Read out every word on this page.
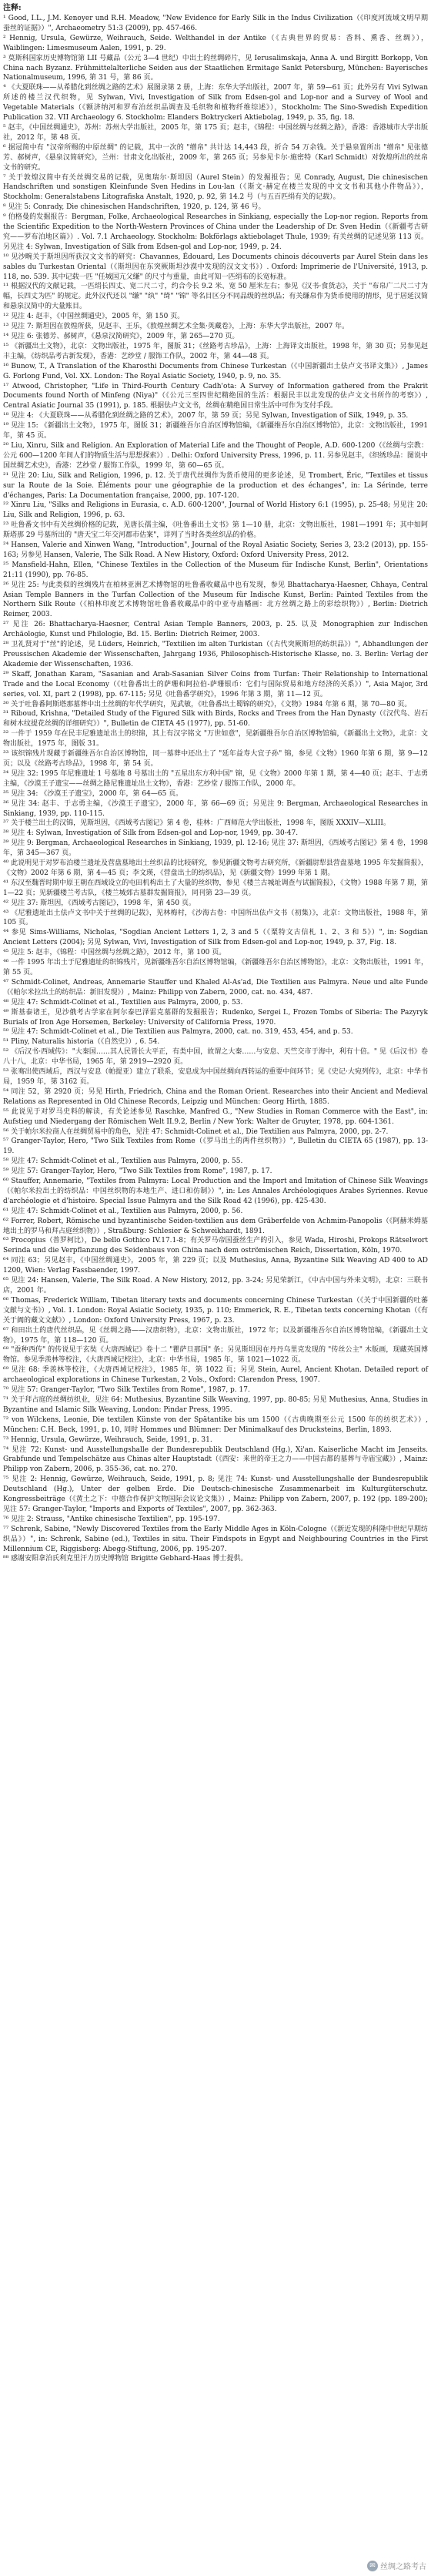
注释:
¹ Good, I.L., J.M. Kenoyer und R.H. Meadow, "New Evidence for Early Silk in the Indus Civilization（《印度河流域文明早期蚕丝的证据》）", Archaeometry 51:3 (2009), pp. 457-466.
² Hennig, Ursula, Gewürze, Weihrauch, Seide. Welthandel in der Antike（《古典世界的贸易：香料、熏香、丝绸》），Waiblingen: Limesmuseum Aalen, 1991, p. 29.
³ 莫斯科国家历史博物馆第 LII 号藏品（公元 3—4 世纪）中出土的丝绸碎片，见 Ierusalimskaja, Anna A. und Birgitt Borkopp, Von China nach Byzanz. Frühmittelalterliche Seiden aus der Staatlichen Ermitage Sankt Petersburg, München: Bayerisches Nationalmuseum, 1996, 第 31 号，第 86 页。
⁴ 《大夏联珠——从希腊化到丝绸之路的艺术》展图录第 2 册，上海：东华大学出版社，2007 年，第 59—61 页；此外另有 Vivi Sylwan 所述的楼兰汉代织物，见 Sylwan, Vivi, Investigation of Silk from Edsen-gol and Lop-nor and a Survey of Wool and Vegetable Materials（《额济纳河和罗布泊丝织品调查及毛织物和植物纤维综述》），Stockholm: The Sino-Swedish Expedition Publication 32. VII Archaeology 6. Stockholm: Elanders Boktryckeri Aktiebolag, 1949, p. 35, fig. 18.
⁵ 赵丰，《中国丝绸通史》，苏州：苏州大学出版社，2005 年，第 175 页；赵丰，《锦程：中国丝绸与丝绸之路》，香港：香港城市大学出版社，2012 年，第 48 页。
⁶ 据冠简中有 "汉帝所赐的中原丝绸" 的记载，其中一次的 "缯帛" 共计达 14,443 段，折合 54 万余钱。关于悬泉置所出 "缯帛" 见张德芳、郝树声，《悬泉汉简研究》，兰州：甘肃文化出版社，2009 年，第 265 页；另参见卡尔·施密特（Karl Schmidt）对敦煌所出的丝帛文书的研究。
⁷ 关于敦煌汉简中有关丝绸交易的记载，见奥瑞尔·斯坦因（Aurel Stein）的发掘报告；见 Conrady, August, Die chinesischen Handschriften und sonstigen Kleinfunde Sven Hedins in Lou-lan（《斯文·赫定在楼兰发现的中文文书和其他小件物品》），Stockholm: Generalstabens Litografiska Anstalt, 1920, p. 92, 第 14.2 号（与五百匹绢有关的记载）。
⁸ 见注 5: Conrady, Die chinesischen Handschriften, 1920, p. 124, 第 46 号。
⁹ 伯格曼的发掘报告：Bergman, Folke, Archaeological Researches in Sinkiang, especially the Lop-nor region. Reports from the Scientific Expedition to the North-Western Provinces of China under the Leadership of Dr. Sven Hedin（《新疆考古研究——罗布泊地区篇》）. Vol. 7.1 Archaeology. Stockholm: Bokförlags aktiebolaget Thule, 1939; 有关丝绸的记述见第 113 页。另见注 4: Sylwan, Investigation of Silk from Edsen-gol and Lop-nor, 1949, p. 24.
¹⁰ 见沙畹关于斯坦因所获汉文文书的研究：Chavannes, Édouard, Les Documents chinois découverts par Aurel Stein dans les sables du Turkestan Oriental（《斯坦因在东突厥斯坦沙漠中发现的汉文文书》）. Oxford: Imprimerie de l'Université, 1913, p. 118, no. 539. 其中记载一匹 "任城国亢父缣" 的尺寸与重量，由此可知一匹绢布的长宽标准。
¹¹ 根据汉代的文献记载，一匹绢长四丈、宽二尺二寸，约合今长 9.2 米、宽 50 厘米左右；参见《汉书·食货志》，关于 "布帛广二尺二寸为幅，长四丈为匹" 的规定。此外汉代还以 "缣" "纨" "绮" "锦" 等名目区分不同品级的丝织品；有关缣帛作为货币使用的情形，见于居延汉简和悬泉汉简中的大量账目。
¹² 见注 4: 赵丰，《中国丝绸通史》，2005 年，第 150 页。
¹³ 见注 7: 斯坦因在敦煌所获，见赵丰、王乐，《敦煌丝绸艺术全集·英藏卷》，上海：东华大学出版社，2007 年。
¹⁴ 见注 6: 张德芳、郝树声，《悬泉汉简研究》，2009 年，第 265—270 页。
¹⁵ 《新疆出土文物》，北京：文物出版社，1975 年，图版 31；《丝路考古珍品》，上海：上海译文出版社，1998 年，第 30 页；另参见赵丰主编，《纺织品考古新发现》，香港：艺纱堂 / 服饰工作队，2002 年，第 44—48 页。
¹⁶ Bunow, T., A Translation of the Kharosthi Documents from Chinese Turkestan（《中国新疆出土佉卢文书译文集》）, James G. Forlong Fund, Vol. XX. London: The Royal Asiatic Society, 1940, p. 9, no. 35.
¹⁷ Atwood, Christopher, "Life in Third-Fourth Century Cadh'ota: A Survey of Information gathered from the Prakrit Documents found North of Minfeng (Niya)"（《公元三至四世纪精绝国的生活：根据民丰以北发现的佉卢文文书所作的考察》）, Central Asiatic Journal 35 (1991), p. 185. 根据佉卢文文书，丝绸在精绝国日常生活中可作为支付手段。
¹⁸ 见注 4: 《大夏联珠——从希腊化到丝绸之路的艺术》，2007 年，第 59 页；另见 Sylwan, Investigation of Silk, 1949, p. 35.
¹⁹ 见注 15: 《新疆出土文物》，1975 年，图版 31；新疆维吾尔自治区博物馆编，《新疆维吾尔自治区博物馆》，北京：文物出版社，1991 年，第 45 页。
²⁰ Liu, Xinru, Silk and Religion. An Exploration of Material Life and the Thought of People, A.D. 600-1200（《丝绸与宗教：公元 600—1200 年间人们的物质生活与思想探索》）. Delhi: Oxford University Press, 1996, p. 11. 另参见赵丰，《织绣珍品：图说中国丝绸艺术史》，香港：艺纱堂 / 服饰工作队，1999 年，第 60—65 页。
²¹ 见注 20: Liu, Silk and Religion, 1996, p. 12. 关于唐代丝绸作为货币使用的更多论述，见 Trombert, Éric, "Textiles et tissus sur la Route de la Soie. Éléments pour une géographie de la production et des échanges", in: La Sérinde, terre d'échanges, Paris: La Documentation française, 2000, pp. 107-120.
²² Xinru Liu, "Silks and Religions in Eurasia, c. A.D. 600-1200", Journal of World History 6:1 (1995), p. 25-48; 另见注 20: Liu, Silk and Religion, 1996, p. 63.
²³ 吐鲁番文书中有关丝绸价格的记载，见唐长孺主编，《吐鲁番出土文书》第 1—10 册，北京：文物出版社，1981—1991 年；其中如阿斯塔那 29 号墓所出的 "唐天宝二年交河郡市估案"，详列了当时各类丝织品的价格。
²⁴ Hansen, Valerie and Xinwen Wang, "Introduction", Journal of the Royal Asiatic Society, Series 3, 23:2 (2013), pp. 155-163; 另参见 Hansen, Valerie, The Silk Road. A New History, Oxford: Oxford University Press, 2012.
²⁵ Mansfield-Hahn, Ellen, "Chinese Textiles in the Collection of the Museum für Indische Kunst, Berlin", Orientations 21:11 (1990), pp. 76-85.
²⁶ 见注 25: 与此类似的丝绸残片在柏林亚洲艺术博物馆的吐鲁番收藏品中也有发现，参见 Bhattacharya-Haesner, Chhaya, Central Asian Temple Banners in the Turfan Collection of the Museum für Indische Kunst, Berlin: Painted Textiles from the Northern Silk Route（《柏林印度艺术博物馆吐鲁番收藏品中的中亚寺庙幡画：北方丝绸之路上的彩绘织物》）, Berlin: Dietrich Reimer, 2003.
²⁷ 见注 26: Bhattacharya-Haesner, Central Asian Temple Banners, 2003, p. 25. 以及 Monographien zur Indischen Archäologie, Kunst und Philologie, Bd. 15. Berlin: Dietrich Reimer, 2003.
²⁸ 卫礼贤对于"丝"的论述，见 Lüders, Heinrich, "Textilien im alten Turkistan（《古代突厥斯坦的纺织品》）", Abhandlungen der Preussischen Akademie der Wissenschaften, Jahrgang 1936, Philosophisch-Historische Klasse, no. 3. Berlin: Verlag der Akademie der Wissenschaften, 1936.
²⁹ Skaff, Jonathan Karam, "Sasanian and Arab-Sasanian Silver Coins from Turfan: Their Relationship to International Trade and the Local Economy（《吐鲁番出土的萨珊和阿拉伯-萨珊银币：它们与国际贸易和地方经济的关系》）", Asia Major, 3rd series, vol. XI, part 2 (1998), pp. 67-115; 另见《吐鲁番学研究》，1996 年第 3 期，第 11—12 页。
³⁰ 关于吐鲁番阿斯塔那墓葬中出土丝绸的年代学研究，见武敏，《吐鲁番出土蜀锦的研究》，《文物》1984 年第 6 期，第 70—80 页。
³¹ Riboud, Krishna, "Detailed Study of the Figured Silk with Birds, Rocks and Trees from the Han Dynasty（《汉代鸟、岩石和树木纹提花丝绸的详细研究》）", Bulletin de CIETA 45 (1977), pp. 51-60.
³² 一件于 1959 年在民丰尼雅遗址出土的织锦，其上有汉字铭文 "万世如意"，见新疆维吾尔自治区博物馆编，《新疆出土文物》，北京：文物出版社，1975 年，图版 31。
³³ 该织锦残片现藏于新疆维吾尔自治区博物馆，同一墓葬中还出土了 "延年益寿大宜子孙" 锦，参见《文物》1960 年第 6 期，第 9—12 页；以及《丝路考古珍品》，1998 年，第 54 页。
³⁴ 见注 32: 1995 年尼雅遗址 1 号墓地 8 号墓出土的 "五星出东方利中国" 锦，见《文物》2000 年第 1 期，第 4—40 页；赵丰、于志勇主编，《沙漠王子遗宝——丝绸之路尼雅遗址出土文物》，香港：艺纱堂 / 服饰工作队，2000 年。
³⁵ 见注 34: 《沙漠王子遗宝》，2000 年，第 64—65 页。
³⁶ 见注 34: 赵丰、于志勇主编，《沙漠王子遗宝》，2000 年，第 66—69 页；另见注 9: Bergman, Archaeological Researches in Sinkiang, 1939, pp. 110-115.
³⁷ 关于楼兰出土的汉锦，见斯坦因，《西域考古图记》第 4 卷，桂林：广西师范大学出版社，1998 年，图版 XXXIV—XLIII。
³⁸ 见注 4: Sylwan, Investigation of Silk from Edsen-gol and Lop-nor, 1949, pp. 30-47.
³⁹ 见注 9: Bergman, Archaeological Researches in Sinkiang, 1939, pl. 12-16; 见注 37: 斯坦因，《西域考古图记》第 4 卷，1998 年，第 345—367 页。
⁴⁰ 此说明见于对罗布泊楼兰遗址及营盘墓地出土丝织品的比较研究，参见新疆文物考古研究所，《新疆尉犁县营盘墓地 1995 年发掘简报》，《文物》2002 年第 6 期，第 4—45 页；李文瑛，《营盘出土的纺织品》，见《新疆文物》1999 年第 1 期。
⁴¹ 东汉至魏晋时期中原王朝在西域设立的屯田机构出土了大量的丝织物，参见《楼兰古城址调查与试掘简报》，《文物》1988 年第 7 期，第 1—22 页；见新疆楼兰考古队，《楼兰城郊古墓群发掘简报》，同刊第 23—39 页。
⁴² 见注 37: 斯坦因，《西域考古图记》，1998 年，第 450 页。
⁴³ 《尼雅遗址出土佉卢文书中关于丝绸的记载》，见林梅村，《沙海古卷：中国所出佉卢文书（初集）》，北京：文物出版社，1988 年，第 105 页。
⁴⁴ 参见 Sims-Williams, Nicholas, "Sogdian Ancient Letters 1, 2, 3 and 5（《粟特文古信札 1、2、3 和 5》）", in: Sogdian Ancient Letters (2004); 另见 Sylwan, Vivi, Investigation of Silk from Edsen-gol and Lop-nor, 1949, p. 37, Fig. 18.
⁴⁵ 见注 5: 赵丰，《锦程：中国丝绸与丝绸之路》，2012 年，第 100 页。
⁴⁶ 一件 1995 年出土于尼雅遗址的织锦残片，见新疆维吾尔自治区博物馆编，《新疆维吾尔自治区博物馆》，北京：文物出版社，1991 年，第 55 页。
⁴⁷ Schmidt-Colinet, Andreas, Annemarie Stauffer und Khaled Al-As'ad, Die Textilien aus Palmyra. Neue und alte Funde（《帕尔米拉出土的纺织品：新旧发现》）, Mainz: Philipp von Zabern, 2000, cat. no. 434, 487.
⁴⁸ 见注 47: Schmidt-Colinet et al., Textilien aus Palmyra, 2000, p. 53.
⁴⁹ 斯基泰诸王，见沙俄考古学家在阿尔泰巴泽雷克墓群的发掘报告；Rudenko, Sergei I., Frozen Tombs of Siberia: The Pazyryk Burials of Iron Age Horsemen, Berkeley: University of California Press, 1970.
⁵⁰ 见注 47: Schmidt-Colinet et al., Die Textilien aus Palmyra, 2000, cat. no. 319, 453, 454, and p. 53.
⁵¹ Pliny, Naturalis historia（《自然史》）, 6. 54.
⁵² 《后汉书·西域传》："大秦国……其人民皆长大平正，有类中国，故谓之大秦……与安息、天竺交市于海中，利有十倍。" 见《后汉书》卷八十八，北京：中华书局，1965 年，第 2919—2920 页。
⁵³ 张骞出使西域后，西汉与安息（帕提亚）建立了联系，安息成为中国丝绸向西转运的重要中间环节；见《史记·大宛列传》，北京：中华书局，1959 年，第 3162 页。
⁵⁴ 同注 52，第 2920 页；另见 Hirth, Friedrich, China and the Roman Orient. Researches into their Ancient and Medieval Relations as Represented in Old Chinese Records, Leipzig und München: Georg Hirth, 1885.
⁵⁵ 此说见于对罗马史料的解读，有关论述参见 Raschke, Manfred G., "New Studies in Roman Commerce with the East", in: Aufstieg und Niedergang der Römischen Welt II.9.2, Berlin / New York: Walter de Gruyter, 1978, pp. 604-1361.
⁵⁶ 关于帕尔米拉商人在丝绸贸易中的角色，见注 47: Schmidt-Colinet et al., Die Textilien aus Palmyra, 2000, pp. 2-7.
⁵⁷ Granger-Taylor, Hero, "Two Silk Textiles from Rome（《罗马出土的两件丝织物》）", Bulletin du CIETA 65 (1987), pp. 13-19.
⁵⁸ 见注 47: Schmidt-Colinet et al., Textilien aus Palmyra, 2000, p. 55.
⁵⁹ 见注 57: Granger-Taylor, Hero, "Two Silk Textiles from Rome", 1987, p. 17.
⁶⁰ Stauffer, Annemarie, "Textiles from Palmyra: Local Production and the Import and Imitation of Chinese Silk Weavings（《帕尔米拉出土的纺织品：中国丝织物的本地生产、进口和仿制》）", in: Les Annales Archéologiques Arabes Syriennes. Revue d'archéologie et d'histoire. Special Issue Palmyra and the Silk Road 42 (1996), pp. 425-430.
⁶¹ 见注 47: Schmidt-Colinet et al., Textilien aus Palmyra, 2000, p. 56.
⁶² Forrer, Robert, Römische und byzantinische Seiden-textilien aus dem Gräberfelde von Achmim-Panopolis（《阿赫米姆墓地出土的罗马和拜占庭丝织物》）, Straßburg: Schlesier & Schweikhardt, 1891.
⁶³ Procopius（普罗柯比），De bello Gothico IV.17.1-8；有关罗马帝国蚕丝生产的引入，参见 Wada, Hiroshi, Prokops Rätselwort Serinda und die Verpflanzung des Seidenbaus von China nach dem oströmischen Reich, Dissertation, Köln, 1970.
⁶⁴ 同注 63；另见赵丰，《中国丝绸通史》，2005 年，第 229 页；以及 Muthesius, Anna, Byzantine Silk Weaving AD 400 to AD 1200, Wien: Verlag Fassbaender, 1997.
⁶⁵ 见注 24: Hansen, Valerie, The Silk Road. A New History, 2012, pp. 3-24; 另见荣新江，《中古中国与外来文明》，北京：三联书店，2001 年。
⁶⁶ Thomas, Frederick William, Tibetan literary texts and documents concerning Chinese Turkestan（《关于中国新疆的吐蕃文献与文书》）, Vol. 1. London: Royal Asiatic Society, 1935, p. 110; Emmerick, R. E., Tibetan texts concerning Khotan（《有关于阗的藏文文献》）, London: Oxford University Press, 1967, p. 23.
⁶⁷ 和田出土的唐代丝织品，见《丝绸之路——汉唐织物》，北京：文物出版社，1972 年；以及新疆维吾尔自治区博物馆编，《新疆出土文物》，1975 年，第 118—120 页。
⁶⁸ "蚕种西传" 的传说见于玄奘《大唐西域记》卷十二 "瞿萨旦那国" 条；另见斯坦因在丹丹乌里克发现的 "传丝公主" 木版画，现藏英国博物馆。参见季羡林等校注，《大唐西域记校注》，北京：中华书局，1985 年，第 1021—1022 页。
⁶⁹ 见注 68: 季羡林等校注，《大唐西域记校注》，1985 年，第 1022 页；另见 Stein, Aurel, Ancient Khotan. Detailed report of archaeological explorations in Chinese Turkestan, 2 Vols., Oxford: Clarendon Press, 1907.
⁷⁰ 见注 57: Granger-Taylor, "Two Silk Textiles from Rome", 1987, p. 17.
⁷¹ 关于拜占庭的丝绸纺织业，见注 64: Muthesius, Byzantine Silk Weaving, 1997, pp. 80-85; 另见 Muthesius, Anna, Studies in Byzantine and Islamic Silk Weaving, London: Pindar Press, 1995.
⁷² von Wilckens, Leonie, Die textilen Künste von der Spätantike bis um 1500（《古典晚期至公元 1500 年的纺织艺术》）, München: C.H. Beck, 1991, p. 10, 同时 Hommes und Blümner: Der Minimalkauf des Drucksteins, Berlin, 1893.
⁷³ Hennig, Ursula, Gewürze, Weihrauch, Seide, 1991, p. 31.
⁷⁴ 见注 72: Kunst- und Ausstellungshalle der Bundesrepublik Deutschland (Hg.), Xi'an. Kaiserliche Macht im Jenseits. Grabfunde und Tempelschätze aus Chinas alter Hauptstadt（《西安：来世的帝王之力——中国古都的墓葬与寺庙宝藏》）, Mainz: Philipp von Zabern, 2006, p. 355-36, cat. no. 270.
⁷⁵ 见注 2: Hennig, Gewürze, Weihrauch, Seide, 1991, p. 8; 见注 74: Kunst- und Ausstellungshalle der Bundesrepublik Deutschland (Hg.), Unter der gelben Erde. Die Deutsch-chinesische Zusammenarbeit im Kulturgüterschutz. Kongressbeiträge（《黄土之下：中德合作保护文物国际会议论文集》）, Mainz: Philipp von Zabern, 2007, p. 192 (pp. 189-200); 见注 57: Granger-Taylor, "Imports and Exports of Textiles", 2007, pp. 362-363.
⁷⁶ 见注 2: Strauss, "Antike chinesische Textilien", pp. 195-197.
⁷⁷ Schrenk, Sabine, "Newly Discovered Textiles from the Early Middle Ages in Köln-Cologne（《新近发现的科隆中世纪早期纺织品》）", in: Schrenk, Sabine (ed.), Textiles in situ. Their Findspots in Egypt and Neighbouring Countries in the First Millennium CE, Riggisberg: Abegg-Stiftung, 2006, pp. 195-207.
⁸⁸ 感谢安阳拿泊氏利克里汗力历史博物馆 Brigitte Gebhard-Haas 博士提供。
✉ 丝绸之路考古
